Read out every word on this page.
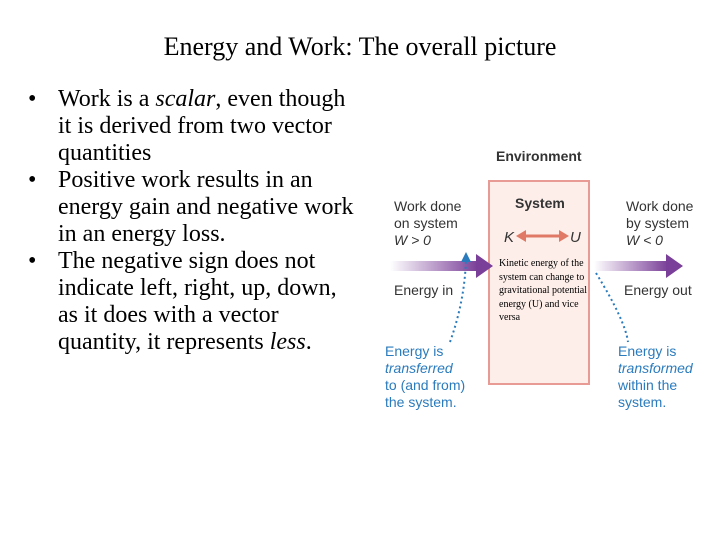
Energy and Work: The overall picture

• Work is a scalar, even though it is derived from two vector quantities

• Positive work results in an energy gain and negative work in an energy loss.

• The negative sign does not indicate left, right, up, down, as it does with a vector quantity, it represents less.

Environment
System
K	U
Kinetic energy of the system can change to gravitational potential energy (U) and vice versa
Work done
on system
W > 0
Energy in
Work done
by system
W < 0
Energy out
Energy is
transferred
to (and from)
the system.
Energy is
transformed
within the
system.
